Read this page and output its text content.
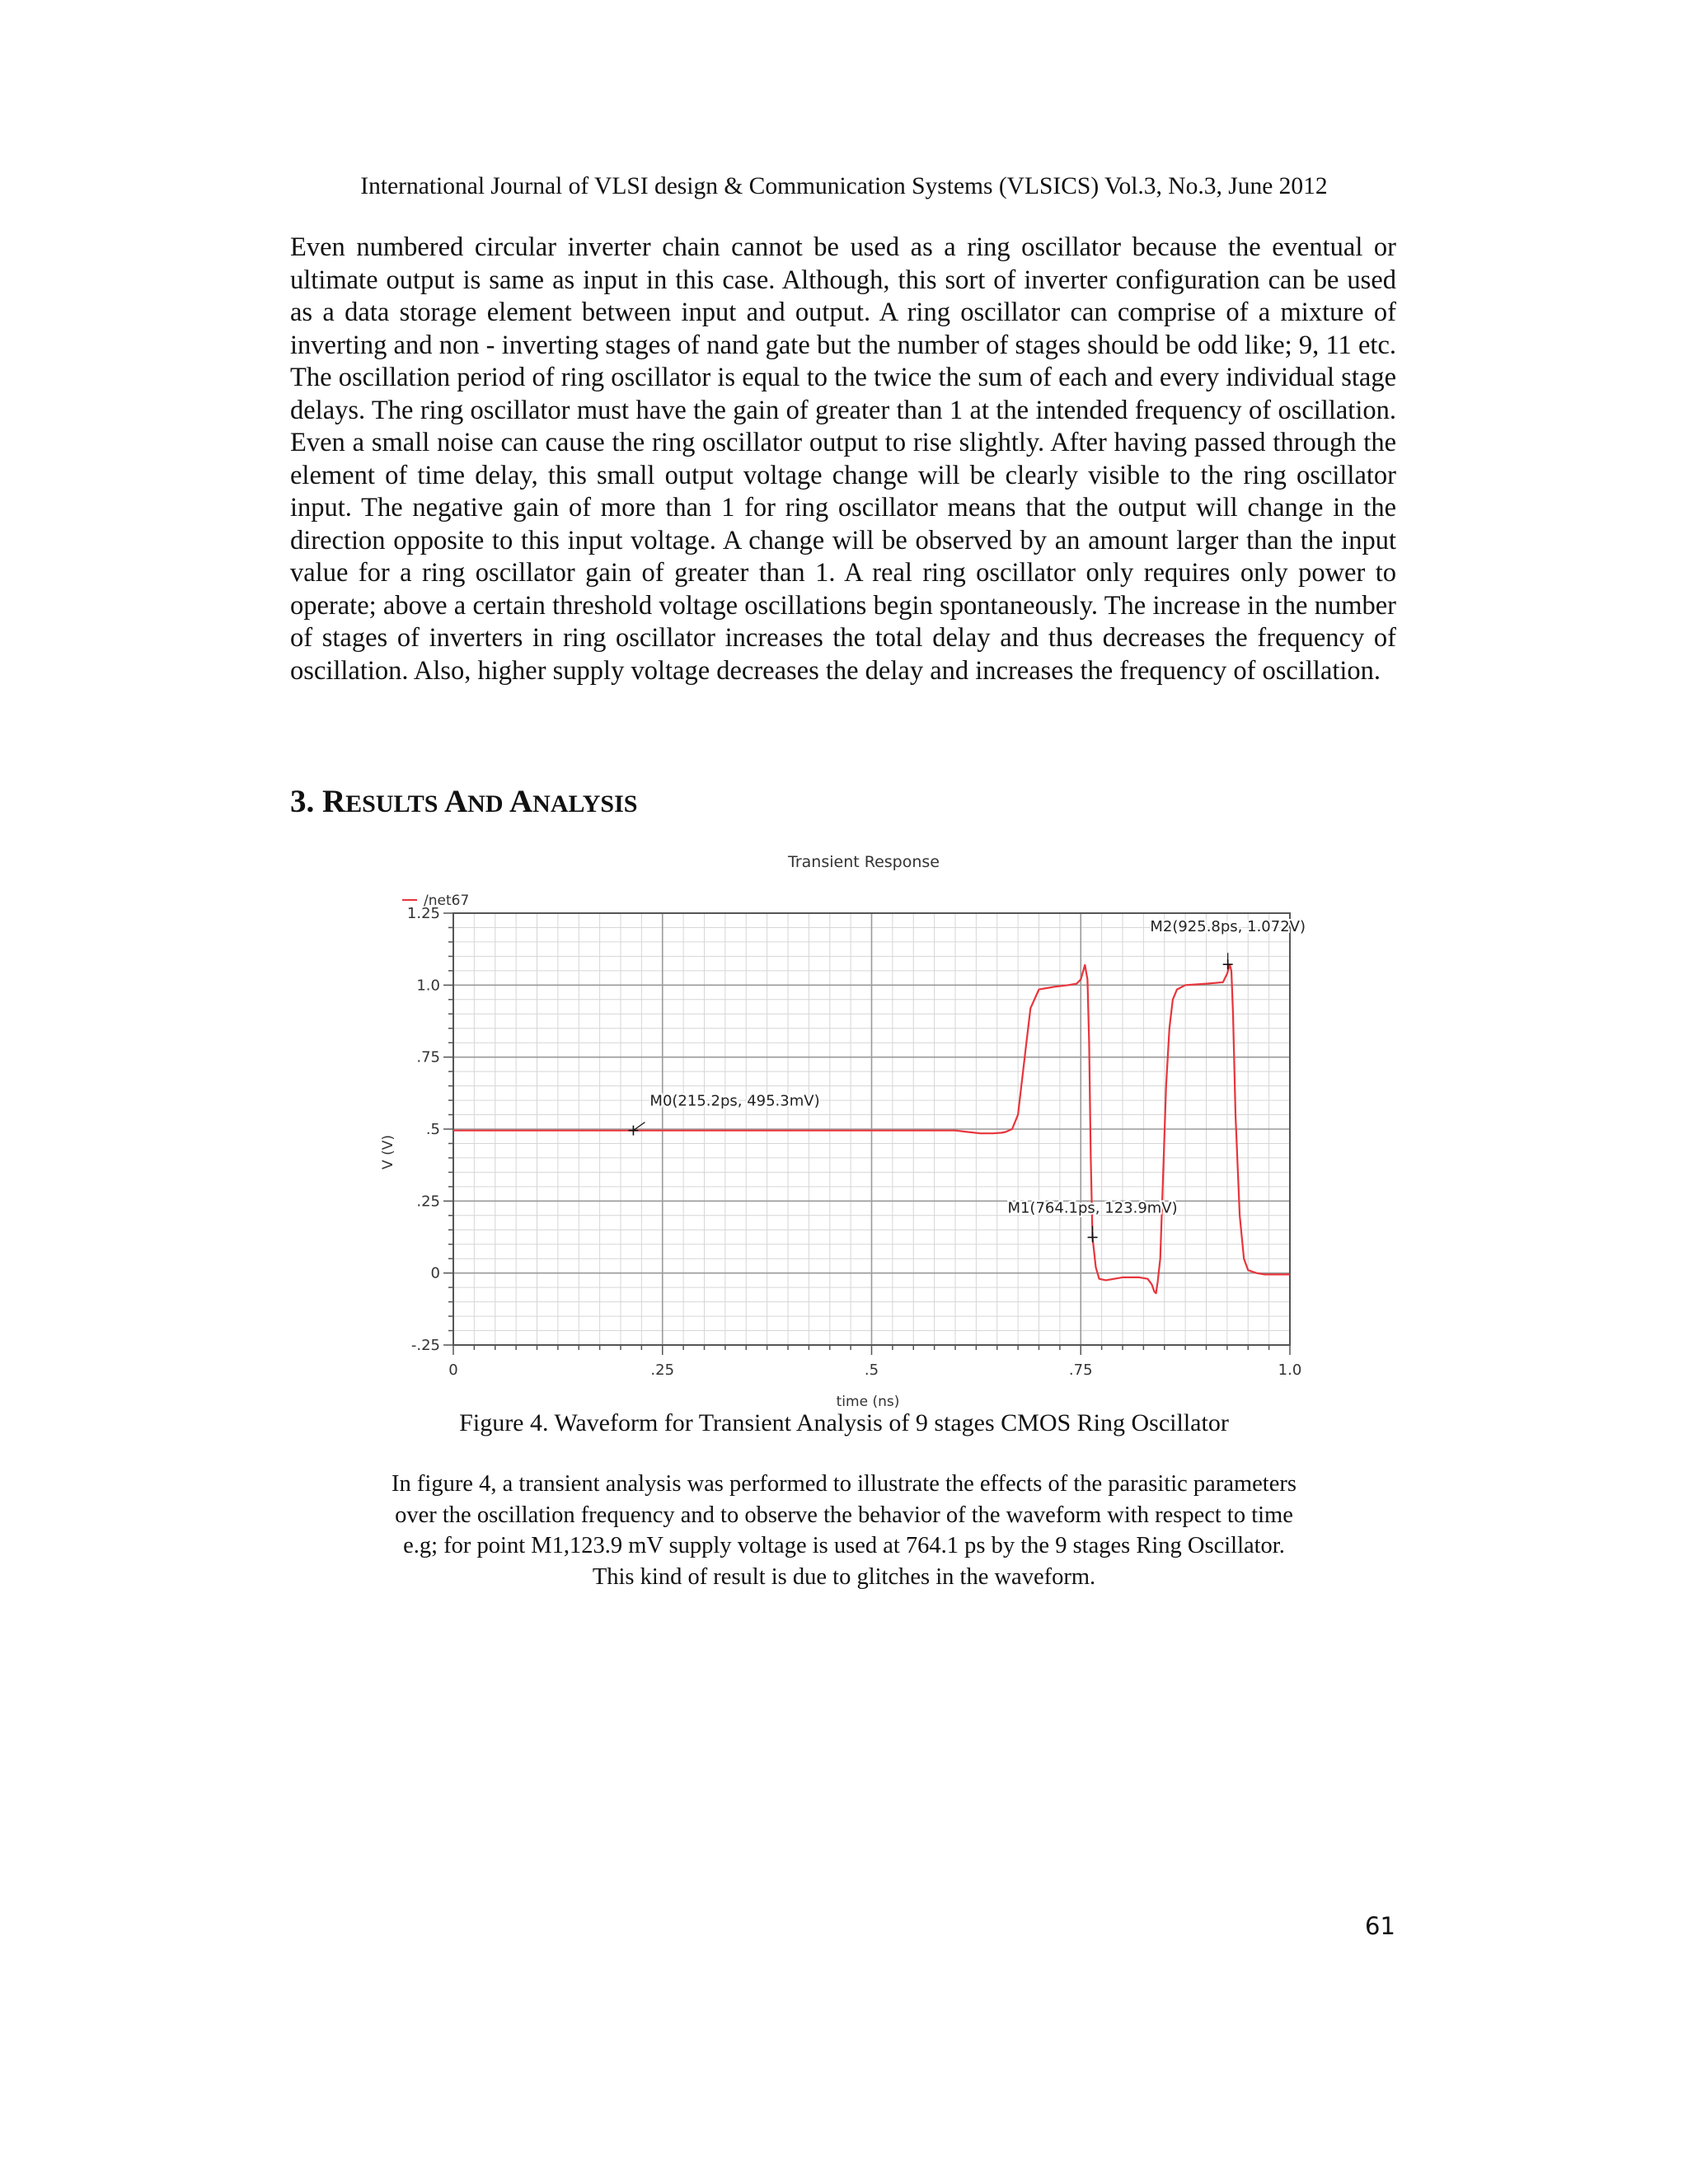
International Journal of VLSI design & Communication Systems (VLSICS) Vol.3, No.3, June 2012

Even numbered circular inverter chain cannot be used as a ring oscillator because the eventual or ultimate output is same as input in this case. Although, this sort of inverter configuration can be used as a data storage element between input and output. A ring oscillator can comprise of a mixture of inverting and non - inverting stages of nand gate but the number of stages should be odd like; 9, 11 etc. The oscillation period of ring oscillator is equal to the twice the sum of each and every individual stage delays. The ring oscillator must have the gain of greater than 1 at the intended frequency of oscillation. Even a small noise can cause the ring oscillator output to rise slightly. After having passed through the element of time delay, this small output voltage change will be clearly visible to the ring oscillator input. The negative gain of more than 1 for ring oscillator means that the output will change in the direction opposite to this input voltage. A change will be observed by an amount larger than the input value for a ring oscillator gain of greater than 1. A real ring oscillator only requires only power to operate; above a certain threshold voltage oscillations begin spontaneously. The increase in the number of stages of inverters in ring oscillator increases the total delay and thus decreases the frequency of oscillation. Also, higher supply voltage decreases the delay and increases the frequency of oscillation.

3. RESULTS AND ANALYSIS
0	.25	.5	.75	1.0
-.25
0
.25
.5
.75
1.0
1.25
M0(215.2ps, 495.3mV)
M1(764.1ps, 123.9mV)
M2(925.8ps, 1.072V)
Transient Response
/net67
time (ns)
V (V)
Figure 4. Waveform for Transient Analysis of 9 stages CMOS Ring Oscillator

In figure 4, a transient analysis was performed to illustrate the effects of the parasitic parameters
over the oscillation frequency and to observe the behavior of the waveform with respect to time
e.g; for point M1,123.9 mV supply voltage is used at 764.1 ps by the 9 stages Ring Oscillator.
This kind of result is due to glitches in the waveform.

61
